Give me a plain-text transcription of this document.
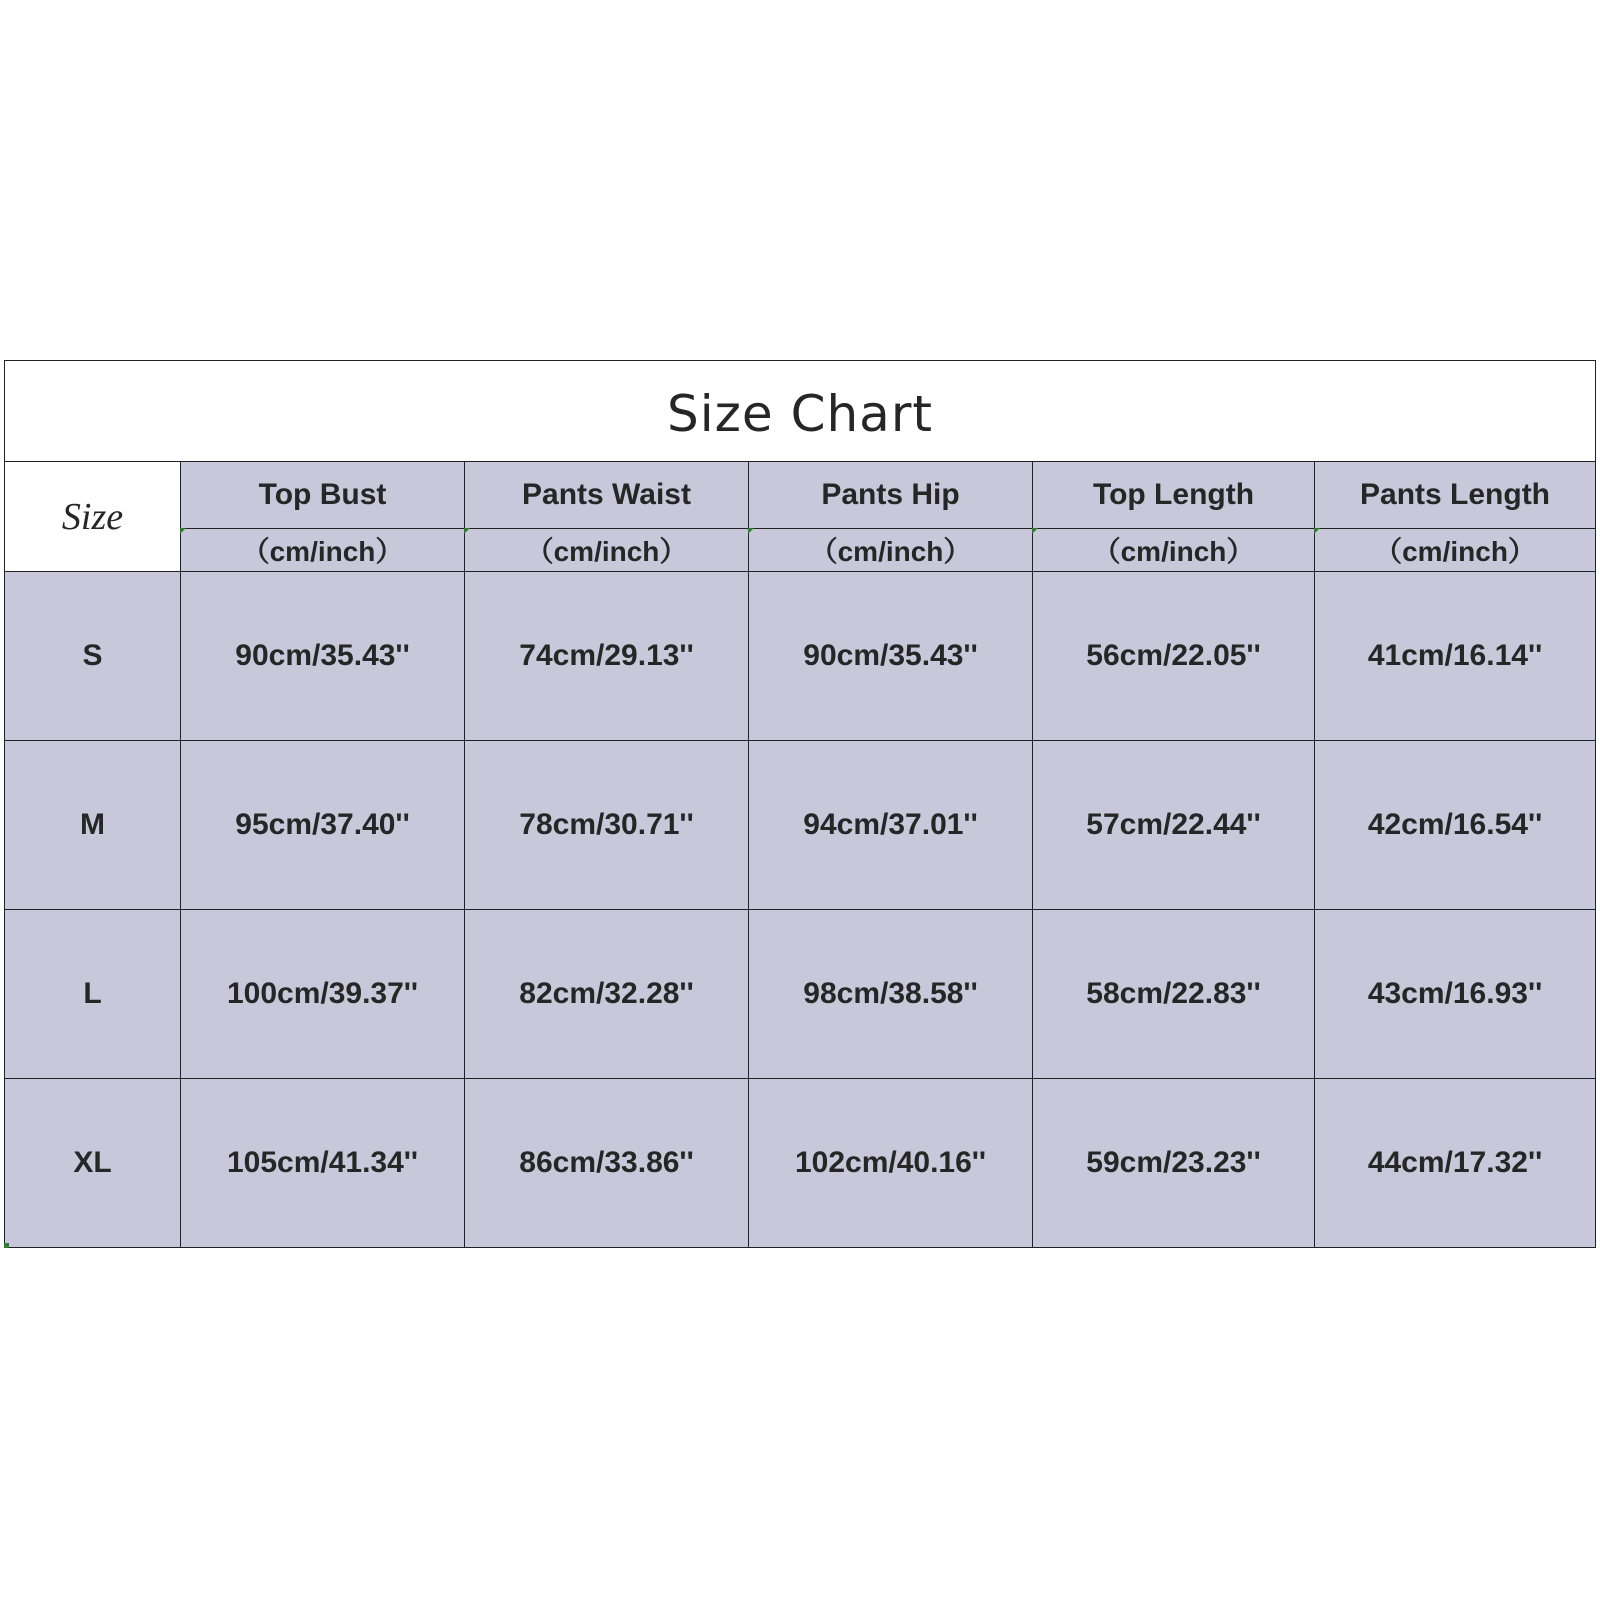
Size Chart					
Size	Top Bust	Pants Waist	Pants Hip	Top Length	Pants Length

（cm/inch）	（cm/inch）	（cm/inch）	（cm/inch）	（cm/inch）
S	90cm/35.43''	74cm/29.13''	90cm/35.43''	56cm/22.05''	41cm/16.14''
M	95cm/37.40''	78cm/30.71''	94cm/37.01''	57cm/22.44''	42cm/16.54''
L	100cm/39.37''	82cm/32.28''	98cm/38.58''	58cm/22.83''	43cm/16.93''
XL	105cm/41.34''	86cm/33.86''	102cm/40.16''	59cm/23.23''	44cm/17.32''
